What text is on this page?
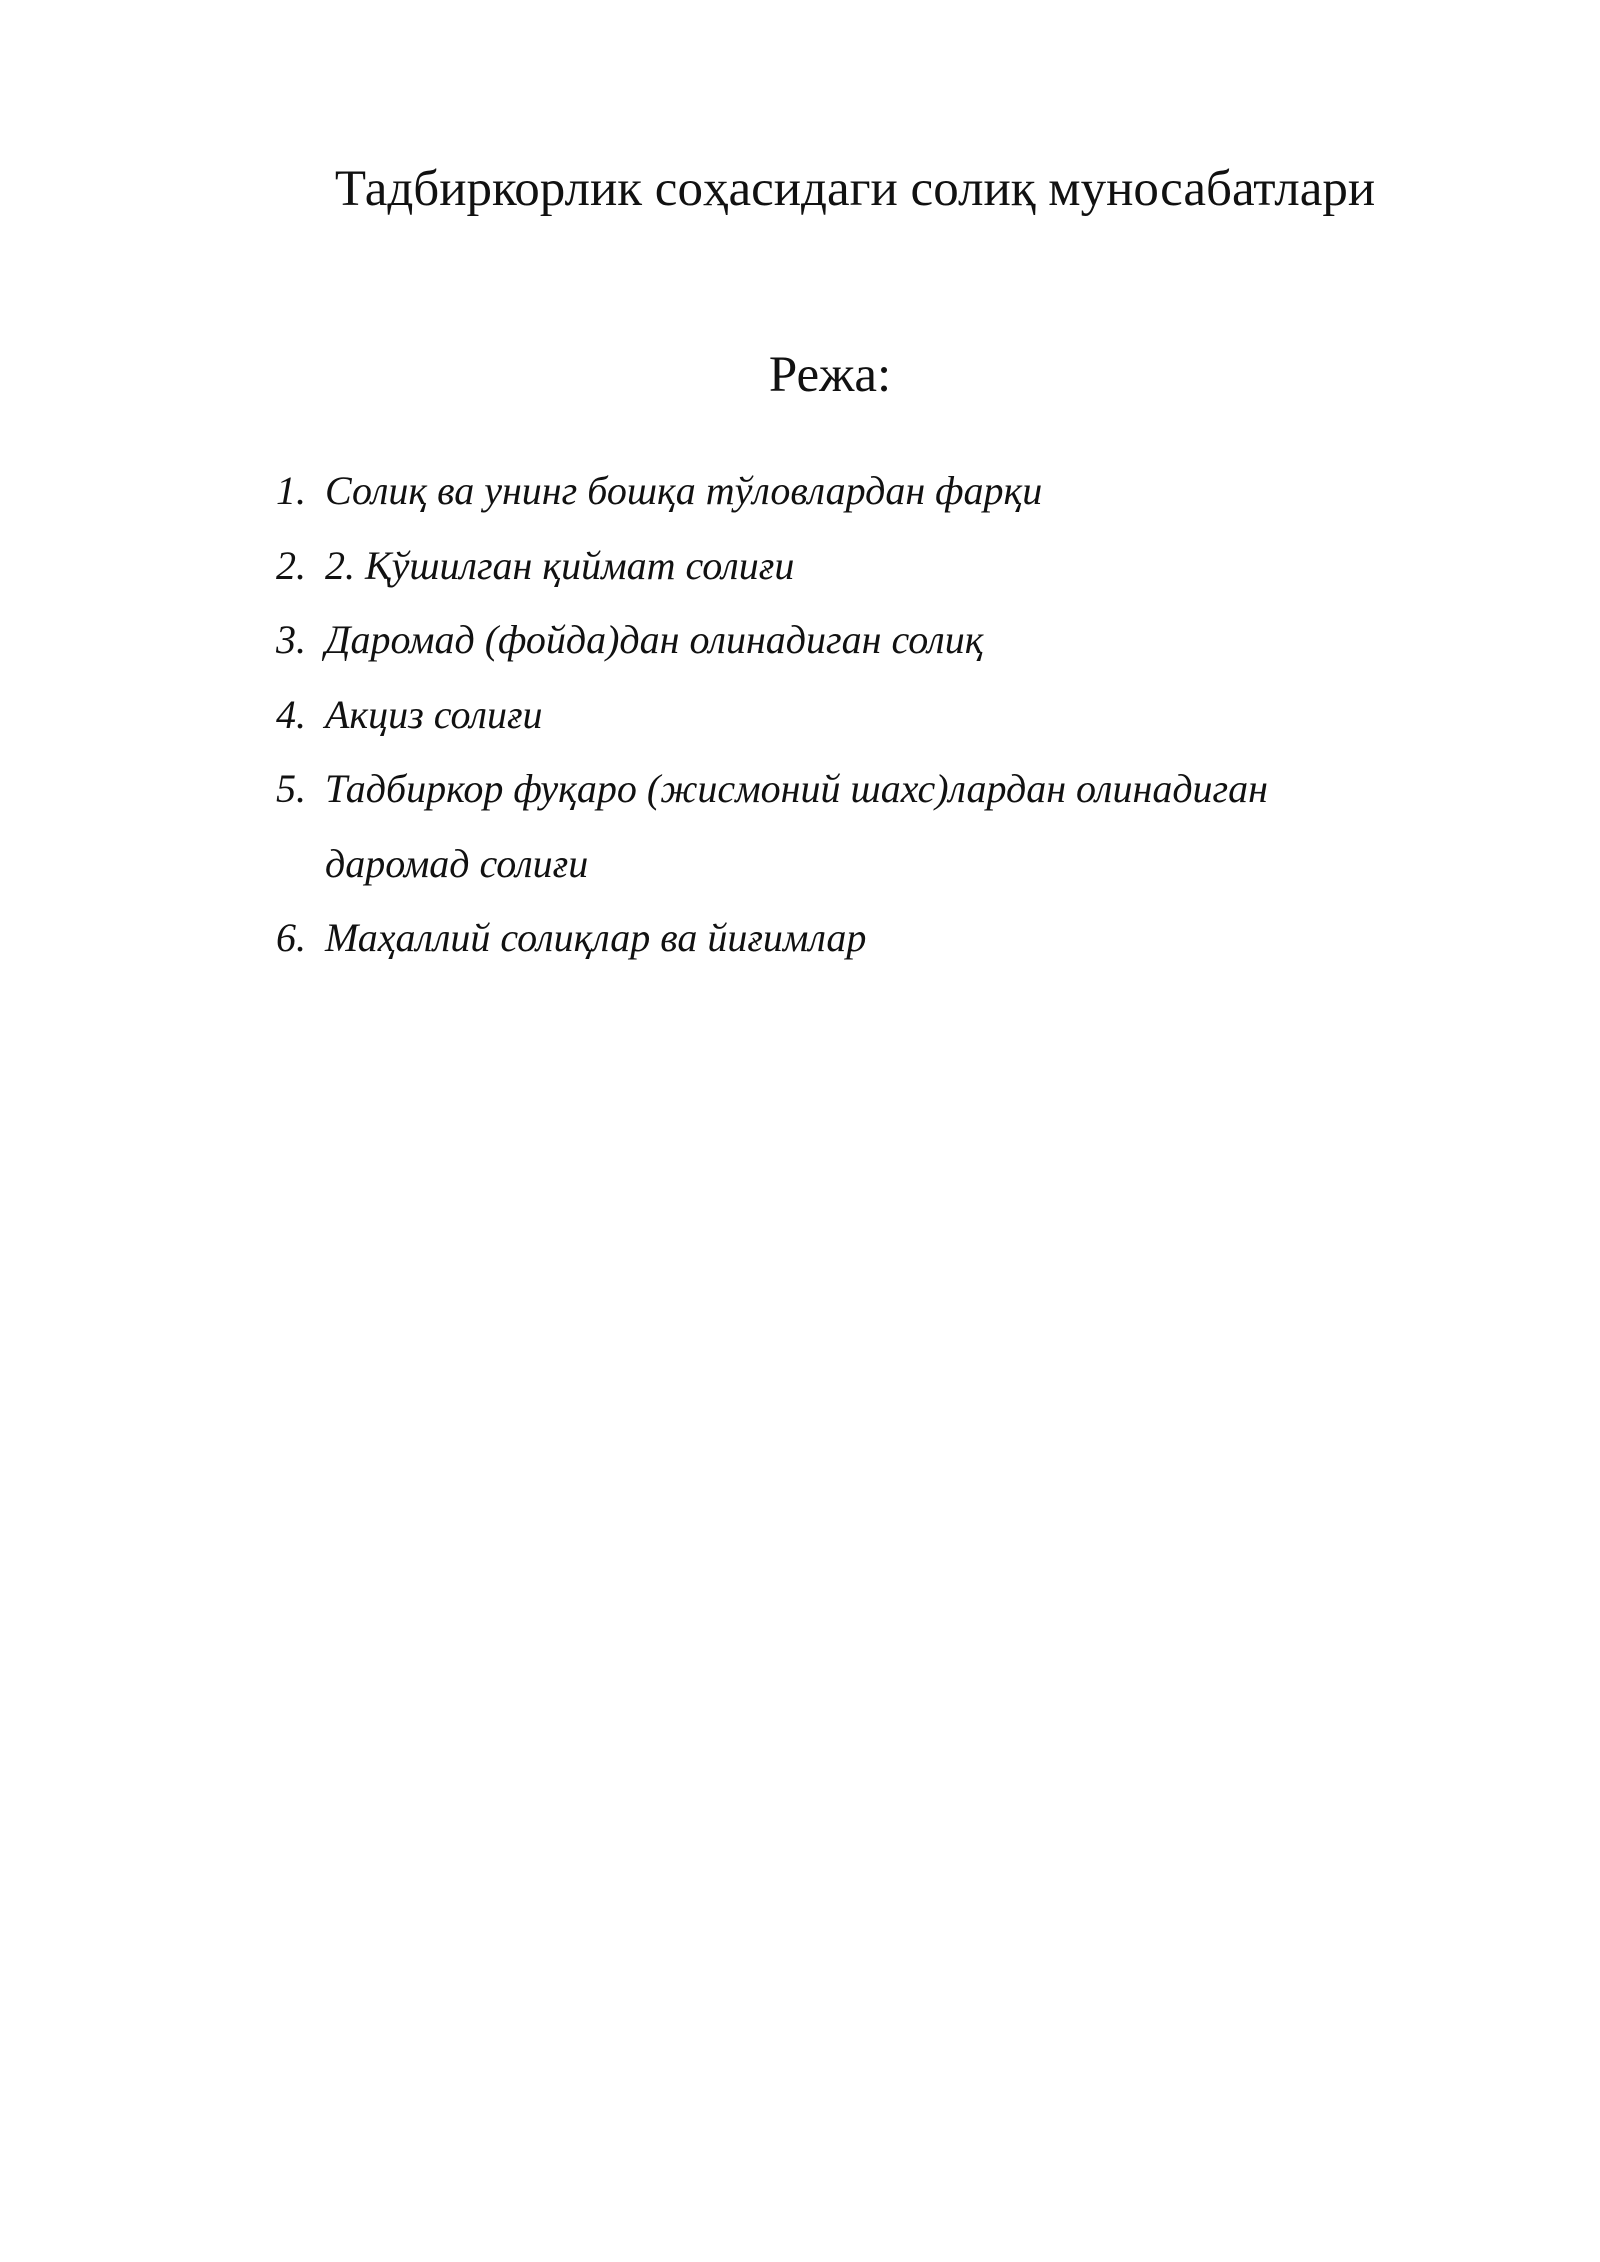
Тадбиркорлик соҳасидаги солиқ муносабатлари
Режа:
1. Солиқ ва унинг бошқа тўловлардан фарқи
2. 2. Қўшилган қиймат солиғи
3. Даромад (фойда)дан олинадиган солиқ
4. Акциз солиғи
5. Тадбиркор фуқаро (жисмоний шахс)лардан олинадиган даромад солиғи
6. Маҳаллий солиқлар ва йиғимлар
